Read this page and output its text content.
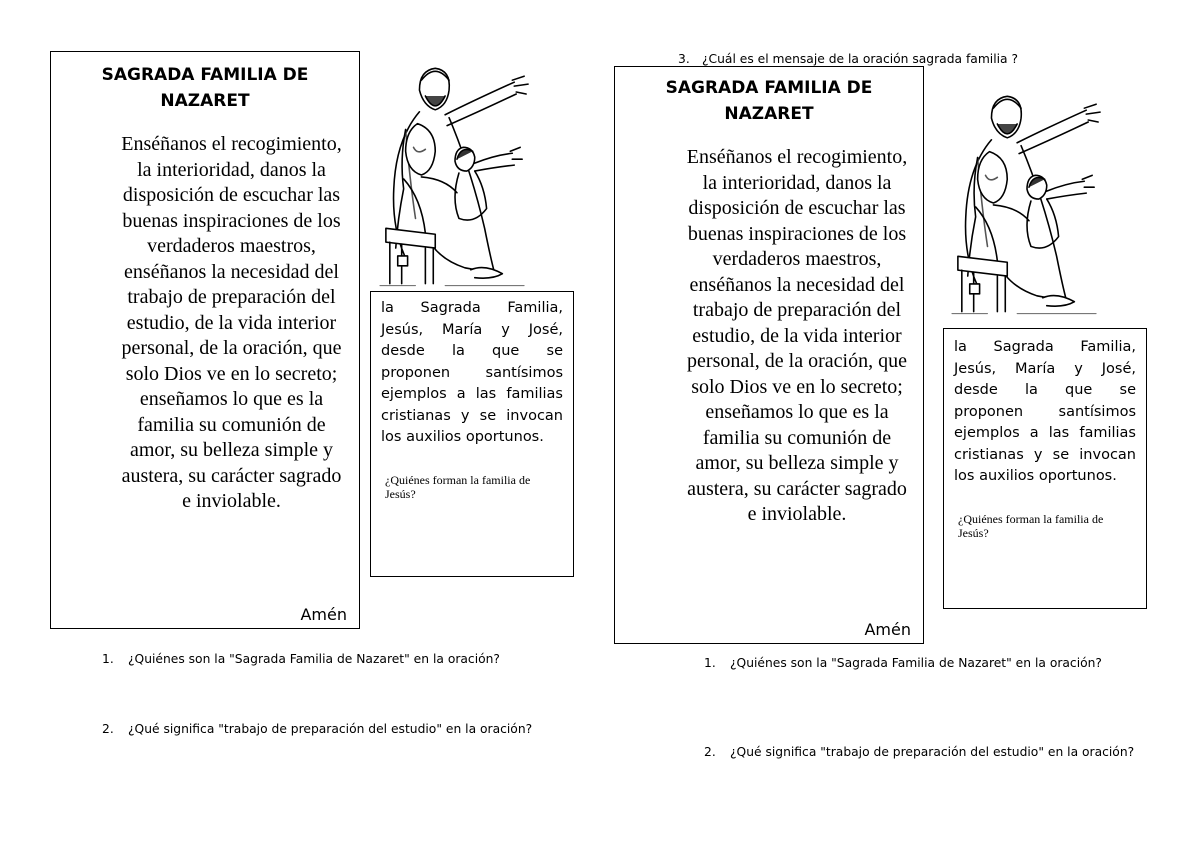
SAGRADA FAMILIA DE
NAZARET
Enséñanos el recogimiento, la interioridad, danos la disposición de escuchar las buenas inspiraciones de los verdaderos maestros, enséñanos la necesidad del trabajo de preparación del estudio, de la vida interior personal, de la oración, que solo Dios ve en lo secreto; enseñamos lo que es la familia su comunión de amor, su belleza simple y austera, su carácter sagrado e inviolable.
Amén
la Sagrada Familia, Jesús, María y José, desde la que se proponen santísimos ejemplos a las familias cristianas y se invocan los auxilios oportunos.
¿Quiénes forman la familia de Jesús?
1. ¿Quiénes son la "Sagrada Familia de Nazaret" en la oración?
2. ¿Qué significa "trabajo de preparación del estudio" en la oración?
3. ¿Cuál es el mensaje de la oración sagrada familia ?
SAGRADA FAMILIA DE
NAZARET
Enséñanos el recogimiento, la interioridad, danos la disposición de escuchar las buenas inspiraciones de los verdaderos maestros, enséñanos la necesidad del trabajo de preparación del estudio, de la vida interior personal, de la oración, que solo Dios ve en lo secreto; enseñamos lo que es la familia su comunión de amor, su belleza simple y austera, su carácter sagrado e inviolable.
Amén
la Sagrada Familia, Jesús, María y José, desde la que se proponen santísimos ejemplos a las familias cristianas y se invocan los auxilios oportunos.
¿Quiénes forman la familia de Jesús?
1. ¿Quiénes son la "Sagrada Familia de Nazaret" en la oración?
2. ¿Qué significa "trabajo de preparación del estudio" en la oración?
